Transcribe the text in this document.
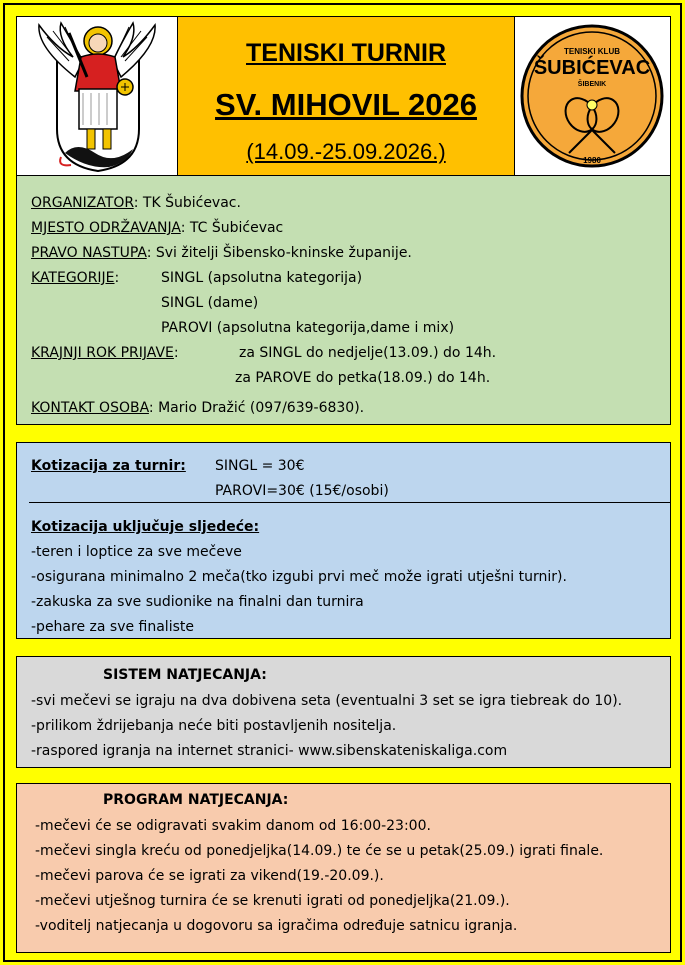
TENISKI TURNIR
SV. MIHOVIL 2026
(14.09.-25.09.2026.)
TENISKI KLUB
ŠUBIĆEVAC
ŠIBENIK
1980
ORGANIZATOR: TK Šubićevac.
MJESTO ODRŽAVANJA: TC Šubićevac
PRAVO NASTUPA: Svi žitelji Šibensko-kninske županije.
KATEGORIJE:	SINGL (apsolutna kategorija)
SINGL (dame)
PAROVI (apsolutna kategorija,dame i mix)
KRAJNJI ROK PRIJAVE:	za SINGL do nedjelje(13.09.) do 14h.
za PAROVE do petka(18.09.) do 14h.
KONTAKT OSOBA: Mario Dražić (097/639-6830).
Kotizacija za turnir: SINGL = 30€
PAROVI=30€ (15€/osobi)
Kotizacija uključuje sljedeće:
-teren i loptice za sve mečeve
-osigurana minimalno 2 meča(tko izgubi prvi meč može igrati utješni turnir).
-zakuska za sve sudionike na finalni dan turnira
-pehare za sve finaliste
SISTEM NATJECANJA:
-svi mečevi se igraju na dva dobivena seta (eventualni 3 set se igra tiebreak do 10).
-prilikom ždrijebanja neće biti postavljenih nositelja.
-raspored igranja na internet stranici- www.sibenskateniskaliga.com
PROGRAM NATJECANJA:
-mečevi će se odigravati svakim danom od 16:00-23:00.
-mečevi singla kreću od ponedjeljka(14.09.) te će se u petak(25.09.) igrati finale.
-mečevi parova će se igrati za vikend(19.-20.09.).
-mečevi utješnog turnira će se krenuti igrati od ponedjeljka(21.09.).
-voditelj natjecanja u dogovoru sa igračima određuje satnicu igranja.
